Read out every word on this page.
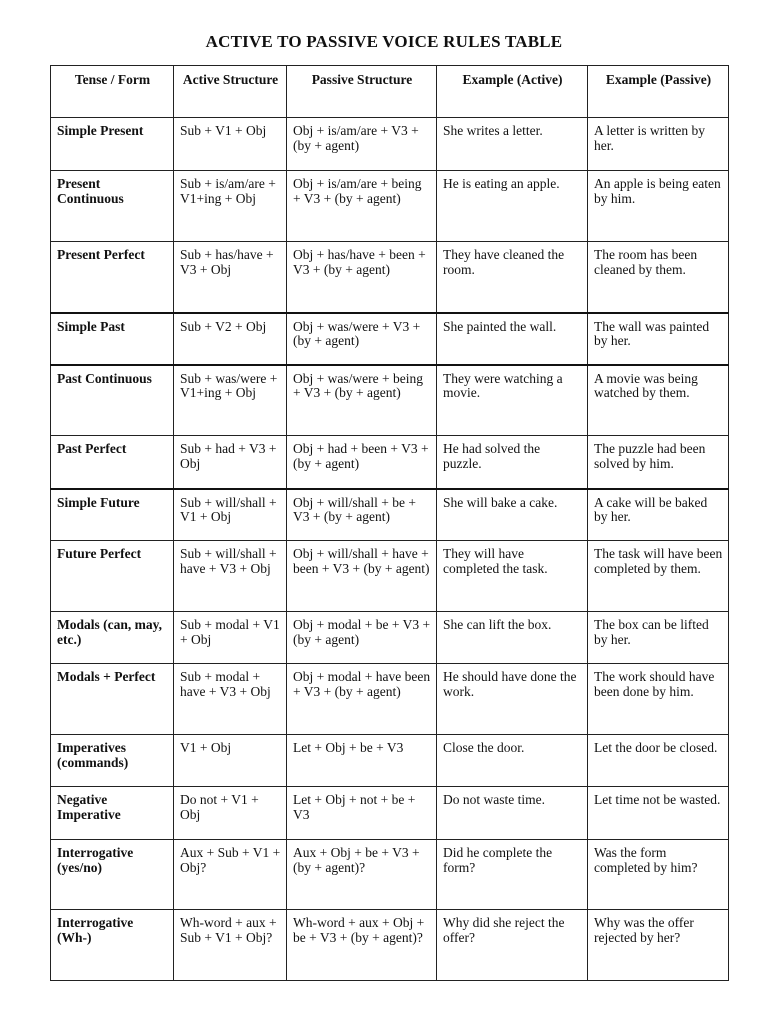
ACTIVE TO PASSIVE VOICE RULES TABLE
Tense / Form	Active Structure	Passive Structure	Example (Active)	Example (Passive)
Simple Present	Sub + V1 + Obj	Obj + is/am/are + V3 + (by + agent)	She writes a letter.	A letter is written by her.
Present Continuous	Sub + is/am/are + V1+ing + Obj	Obj + is/am/are + being + V3 + (by + agent)	He is eating an apple.	An apple is being eaten by him.
Present Perfect	Sub + has/have + V3 + Obj	Obj + has/have + been + V3 + (by + agent)	They have cleaned the room.	The room has been cleaned by them.
Simple Past	Sub + V2 + Obj	Obj + was/were + V3 + (by + agent)	She painted the wall.	The wall was painted by her.
Past Continuous	Sub + was/were + V1+ing + Obj	Obj + was/were + being + V3 + (by + agent)	They were watching a movie.	A movie was being watched by them.
Past Perfect	Sub + had + V3 + Obj	Obj + had + been + V3 + (by + agent)	He had solved the puzzle.	The puzzle had been solved by him.
Simple Future	Sub + will/shall + V1 + Obj	Obj + will/shall + be + V3 + (by + agent)	She will bake a cake.	A cake will be baked by her.
Future Perfect	Sub + will/shall + have + V3 + Obj	Obj + will/shall + have + been + V3 + (by + agent)	They will have completed the task.	The task will have been completed by them.
Modals (can, may, etc.)	Sub + modal + V1 + Obj	Obj + modal + be + V3 + (by + agent)	She can lift the box.	The box can be lifted by her.
Modals + Perfect	Sub + modal + have + V3 + Obj	Obj + modal + have been + V3 + (by + agent)	He should have done the work.	The work should have been done by him.
Imperatives (commands)	V1 + Obj	Let + Obj + be + V3	Close the door.	Let the door be closed.
Negative Imperative	Do not + V1 + Obj	Let + Obj + not + be + V3	Do not waste time.	Let time not be wasted.
Interrogative (yes/no)	Aux + Sub + V1 + Obj?	Aux + Obj + be + V3 + (by + agent)?	Did he complete the form?	Was the form completed by him?
Interrogative (Wh-)	Wh-word + aux + Sub + V1 + Obj?	Wh-word + aux + Obj + be + V3 + (by + agent)?	Why did she reject the offer?	Why was the offer rejected by her?
